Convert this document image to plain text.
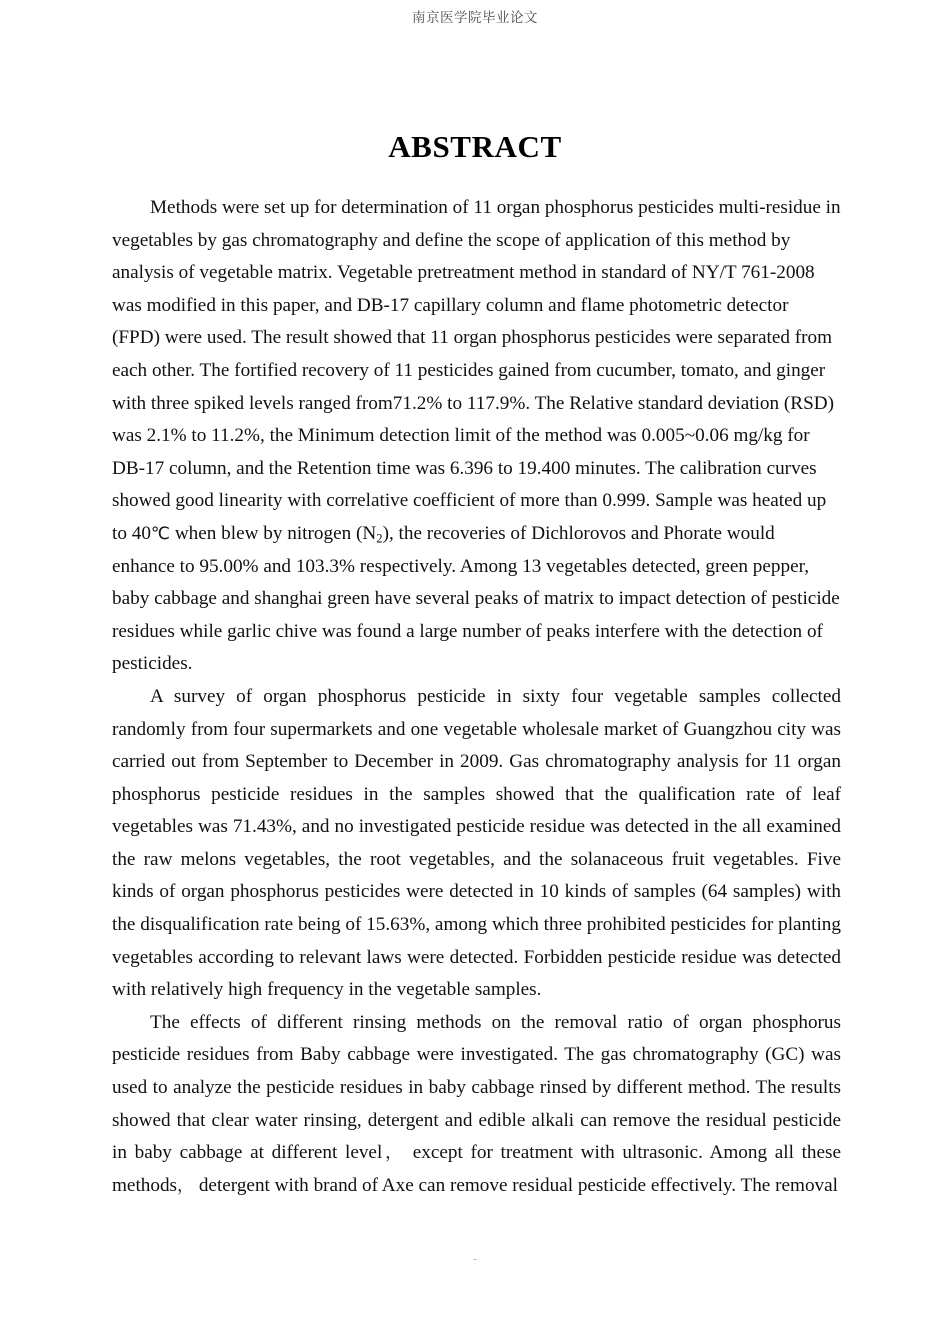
南京医学院毕业论文
ABSTRACT

Methods were set up for determination of 11 organ phosphorus pesticides multi-residue in vegetables by gas chromatography and define the scope of application of this method by analysis of vegetable matrix. Vegetable pretreatment method in standard of NY/T 761-2008 was modified in this paper, and DB-17 capillary column and flame photometric detector (FPD) were used. The result showed that 11 organ phosphorus pesticides were separated from each other. The fortified recovery of 11 pesticides gained from cucumber, tomato, and ginger with three spiked levels ranged from71.2% to 117.9%. The Relative standard deviation (RSD) was 2.1% to 11.2%, the Minimum detection limit of the method was 0.005~0.06 mg/kg for DB-17 column, and the Retention time was 6.396 to 19.400 minutes. The calibration curves showed good linearity with correlative coefficient of more than 0.999. Sample was heated up to 40℃ when blew by nitrogen $(N_2)$, the recoveries of Dichlorovos and Phorate would enhance to 95.00% and 103.3% respectively. Among 13 vegetables detected, green pepper, baby cabbage and shanghai green have several peaks of matrix to impact detection of pesticide residues while garlic chive was found a large number of peaks interfere with the detection of pesticides.

A survey of organ phosphorus pesticide in sixty four vegetable samples collected randomly from four supermarkets and one vegetable wholesale market of Guangzhou city was carried out from September to December in 2009. Gas chromatography analysis for 11 organ phosphorus pesticide residues in the samples showed that the qualification rate of leaf vegetables was 71.43%, and no investigated pesticide residue was detected in the all examined the raw melons vegetables, the root vegetables, and the solanaceous fruit vegetables. Five kinds of organ phosphorus pesticides were detected in 10 kinds of samples (64 samples) with the disqualification rate being of 15.63%, among which three prohibited pesticides for planting vegetables according to relevant laws were detected. Forbidden pesticide residue was detected with relatively high frequency in the vegetable samples.

The effects of different rinsing methods on the removal ratio of organ phosphorus pesticide residues from Baby cabbage were investigated. The gas chromatography (GC) was used to analyze the pesticide residues in baby cabbage rinsed by different method. The results showed that clear water rinsing, detergent and edible alkali can remove the residual pesticide in baby cabbage at different level， except for treatment with ultrasonic. Among all these methods， detergent with brand of Axe can remove residual pesticide effectively. The removal

¯
